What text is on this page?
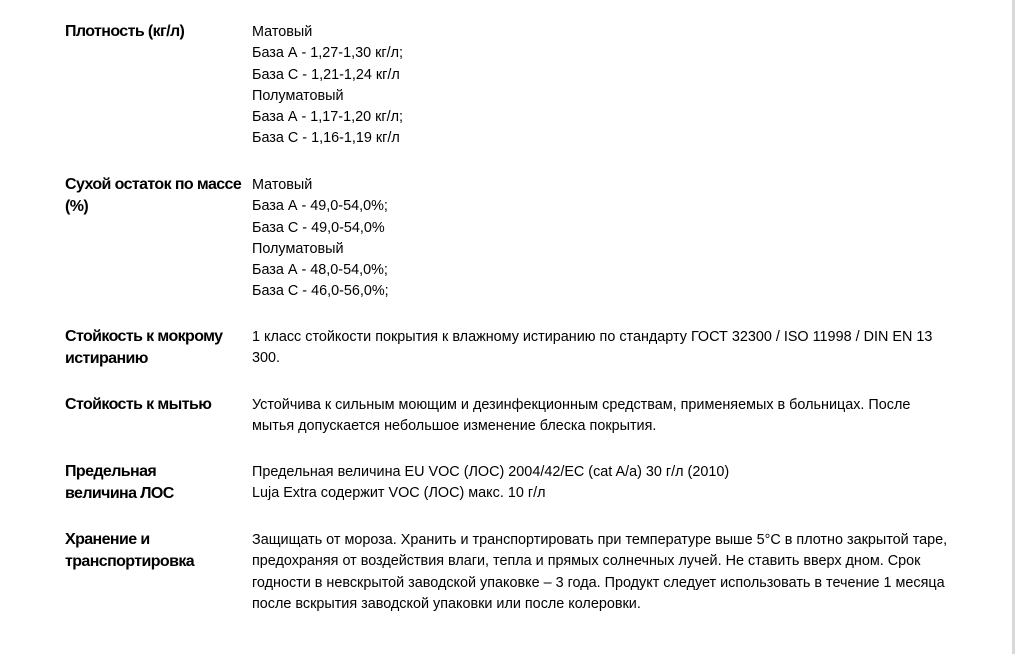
Плотность (кг/л)	Матовый
База А - 1,27-1,30 кг/л;
База С - 1,21-1,24 кг/л
Полуматовый
База А - 1,17-1,20 кг/л;
База С - 1,16-1,19 кг/л
Сухой остаток по массе (%)
Матовый
База А - 49,0-54,0%;
База С - 49,0-54,0%
Полуматовый
База А - 48,0-54,0%;
База С - 46,0-56,0%;
Стойкость к мокрому истиранию
1 класс стойкости покрытия к влажному истиранию по стандарту ГОСТ 32300 / ISO 11998 / DIN EN 13 300.
Стойкость к мытью	Устойчива к сильным моющим и дезинфекционным средствам, применяемых в больницах. После мытья допускается небольшое изменение блеска покрытия.
Предельная величина ЛОС
Предельная величина EU VOC (ЛОС) 2004/42/EC (cat A/a) 30 г/л (2010)
Luja Extra содержит VOC (ЛОС) макс. 10 г/л
Хранение и транспортировка
Защищать от мороза. Хранить и транспортировать при температуре выше 5°C в плотно закрытой таре, предохраняя от воздействия влаги, тепла и прямых солнечных лучей. Не ставить вверх дном. Срок годности в невскрытой заводской упаковке – 3 года. Продукт следует использовать в течение 1 месяца после вскрытия заводской упаковки или после колеровки.
